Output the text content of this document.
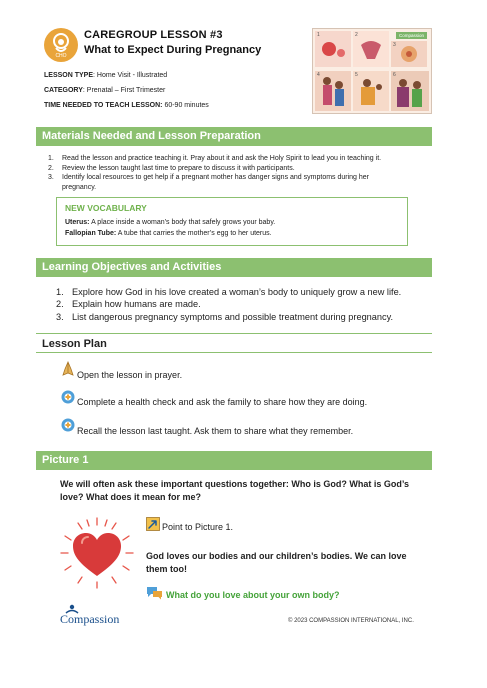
CHO
CAREGROUP LESSON #3
What to Expect During Pregnancy
LESSON TYPE: Home Visit - Illustrated
CATEGORY: Prenatal – First Trimester
TIME NEEDED TO TEACH LESSON: 60-90 minutes
Compassion
1	2
3
4	5	6
Materials Needed and Lesson Preparation
1. Read the lesson and practice teaching it. Pray about it and ask the Holy Spirit to lead you in teaching it.
2. Review the lesson taught last time to prepare to discuss it with participants.
3. Identify local resources to get help if a pregnant mother has danger signs and symptoms during her
pregnancy.
NEW VOCABULARY
Uterus: A place inside a woman’s body that safely grows your baby.
Fallopian Tube: A tube that carries the mother’s egg to her uterus.
Learning Objectives and Activities
1. Explore how God in his love created a woman’s body to uniquely grow a new life.
2. Explain how humans are made.
3. List dangerous pregnancy symptoms and possible treatment during pregnancy.
Lesson Plan
Open the lesson in prayer.
Complete a health check and ask the family to share how they are doing.
Recall the lesson last taught. Ask them to share what they remember.
Picture 1
We will often ask these important questions together: Who is God? What is God’s love? What does it mean for me?
Point to Picture 1.
God loves our bodies and our children’s bodies. We can love them too!
What do you love about your own body?
Compassion	© 2023 COMPASSION INTERNATIONAL, INC.
